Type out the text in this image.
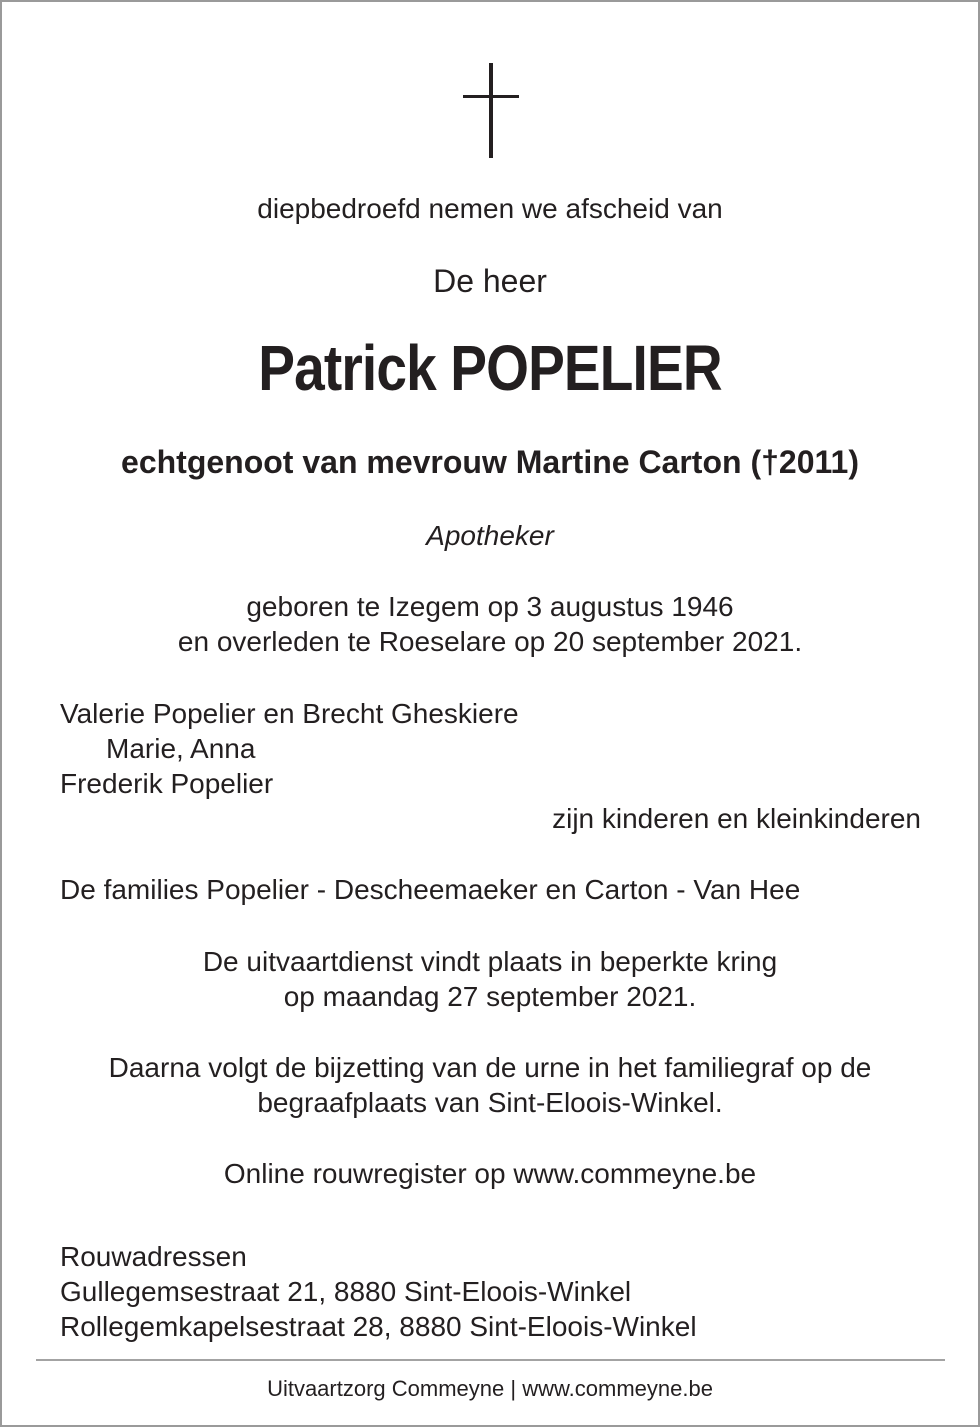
diepbedroefd nemen we afscheid van
De heer
Patrick POPELIER
echtgenoot van mevrouw Martine Carton (†2011)
Apotheker
geboren te Izegem op 3 augustus 1946
en overleden te Roeselare op 20 september 2021.
Valerie Popelier en Brecht Gheskiere
Marie, Anna
Frederik Popelier
zijn kinderen en kleinkinderen
De families Popelier - Descheemaeker en Carton - Van Hee
De uitvaartdienst vindt plaats in beperkte kring
op maandag 27 september 2021.
Daarna volgt de bijzetting van de urne in het familiegraf op de
begraafplaats van Sint-Eloois-Winkel.
Online rouwregister op www.commeyne.be
Rouwadressen
Gullegemsestraat 21, 8880 Sint-Eloois-Winkel
Rollegemkapelsestraat 28, 8880 Sint-Eloois-Winkel
Uitvaartzorg Commeyne | www.commeyne.be
